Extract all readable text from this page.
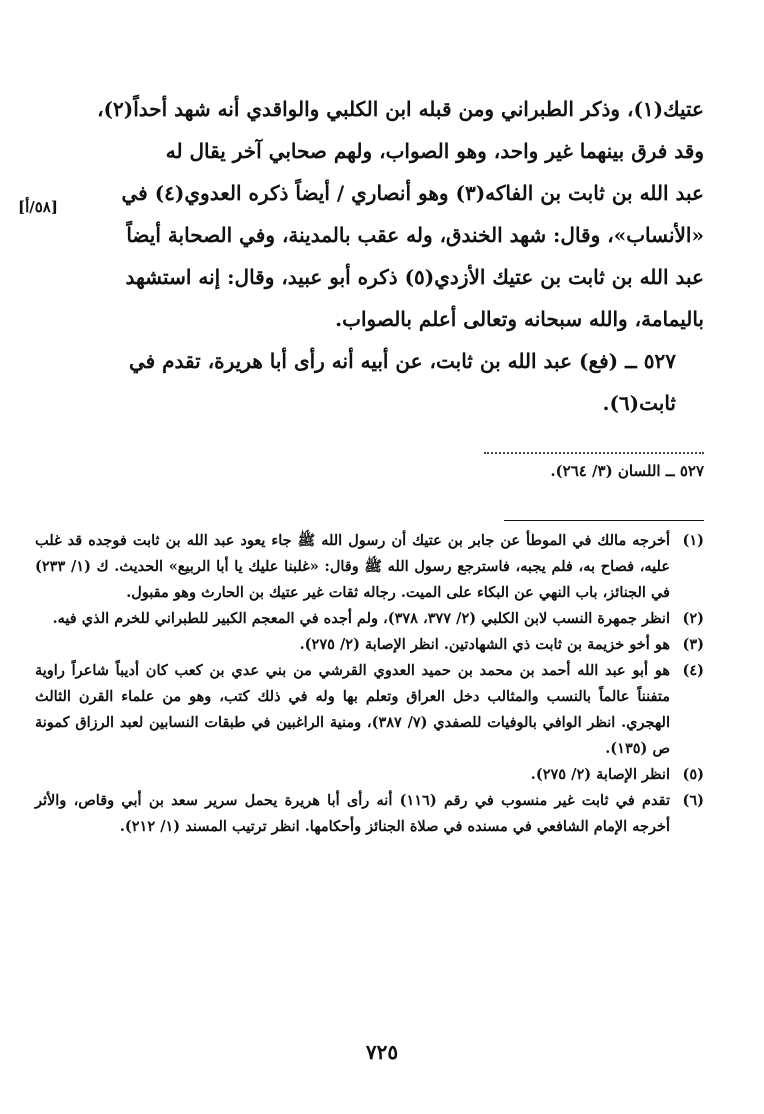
عتيك(١)، وذكر الطبراني ومن قبله ابن الكلبي والواقدي أنه شهد أحداً(٢)،
وقد فرق بينهما غير واحد، وهو الصواب، ولهم صحابي آخر يقال له
عبد الله بن ثابت بن الفاكه(٣) وهو أنصاري / أيضاً ذكره العدوي(٤) في
«الأنساب»، وقال: شهد الخندق، وله عقب بالمدينة، وفي الصحابة أيضاً
عبد الله بن ثابت بن عتيك الأزدي(٥) ذكره أبو عبيد، وقال: إنه استشهد
باليمامة، والله سبحانه وتعالى أعلم بالصواب.

٥٢٧ ــ (فع) عبد الله بن ثابت، عن أبيه أنه رأى أبا هريرة، تقدم في
ثابت(٦).

[٥٨/أ]
٥٢٧ ــ اللسان (٣/ ٢٦٤).
(١)
أخرجه مالك في الموطأ عن جابر بن عتيك أن رسول الله ﷺ جاء يعود عبد الله بن ثابت فوجده قد غلب عليه، فصاح به، فلم يجبه، فاسترجع رسول الله ﷺ وقال: «غلبنا عليك يا أبا الربيع» الحديث. ك (١/ ٢٣٣) في الجنائز، باب النهي عن البكاء على الميت. رجاله ثقات غير عتيك بن الحارث وهو مقبول.
(٢)
انظر جمهرة النسب لابن الكلبي (٢/ ٣٧٧، ٣٧٨)، ولم أجده في المعجم الكبير للطبراني للخرم الذي فيه.
(٣)
هو أخو خزيمة بن ثابت ذي الشهادتين. انظر الإصابة (٢/ ٢٧٥).
(٤)
هو أبو عبد الله أحمد بن محمد بن حميد العدوي القرشي من بني عدي بن كعب كان أديباً شاعراً راوية متفنناً عالماً بالنسب والمثالب دخل العراق وتعلم بها وله في ذلك كتب، وهو من علماء القرن الثالث الهجري. انظر الوافي بالوفيات للصفدي (٧/ ٣٨٧)، ومنية الراغبين في طبقات النسابين لعبد الرزاق كمونة ص (١٣٥).
(٥)
انظر الإصابة (٢/ ٢٧٥).
(٦)
تقدم في ثابت غير منسوب في رقم (١١٦) أنه رأى أبا هريرة يحمل سرير سعد بن أبي وقاص، والأثر أخرجه الإمام الشافعي في مسنده في صلاة الجنائز وأحكامها. انظر ترتيب المسند (١/ ٢١٢).
٧٢٥
